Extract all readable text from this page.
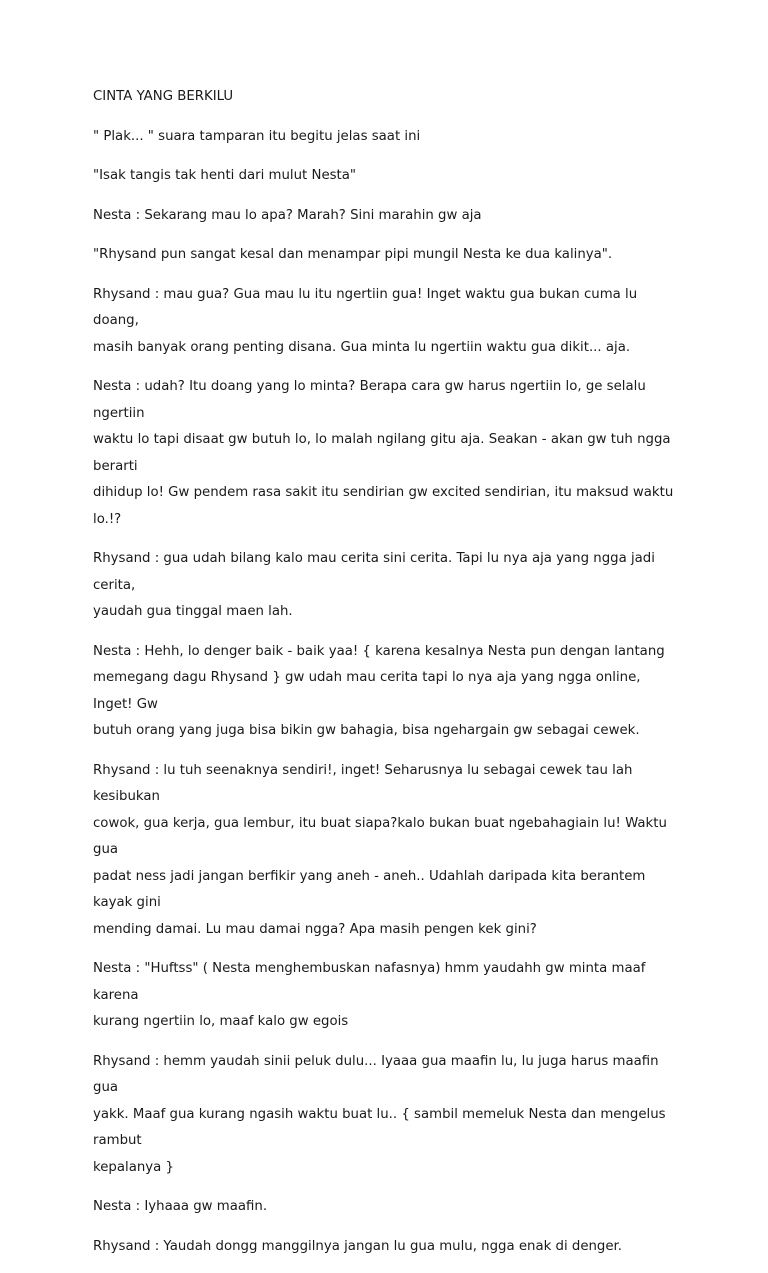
CINTA YANG BERKILU
" Plak... " suara tamparan itu begitu jelas saat ini
"Isak tangis tak henti dari mulut Nesta"
Nesta : Sekarang mau lo apa? Marah? Sini marahin gw aja
"Rhysand pun sangat kesal dan menampar pipi mungil Nesta ke dua kalinya".
Rhysand : mau gua? Gua mau lu itu ngertiin gua! Inget waktu gua bukan cuma lu doang,
masih banyak orang penting disana. Gua minta lu ngertiin waktu gua dikit... aja.
Nesta : udah? Itu doang yang lo minta? Berapa cara gw harus ngertiin lo, ge selalu ngertiin
waktu lo tapi disaat gw butuh lo, lo malah ngilang gitu aja. Seakan - akan gw tuh ngga berarti
dihidup lo! Gw pendem rasa sakit itu sendirian gw excited sendirian, itu maksud waktu lo.!?
Rhysand : gua udah bilang kalo mau cerita sini cerita. Tapi lu nya aja yang ngga jadi cerita,
yaudah gua tinggal maen lah.
Nesta : Hehh, lo denger baik - baik yaa! { karena kesalnya Nesta pun dengan lantang
memegang dagu Rhysand } gw udah mau cerita tapi lo nya aja yang ngga online, Inget! Gw
butuh orang yang juga bisa bikin gw bahagia, bisa ngehargain gw sebagai cewek.
Rhysand : lu tuh seenaknya sendiri!, inget! Seharusnya lu sebagai cewek tau lah kesibukan
cowok, gua kerja, gua lembur, itu buat siapa?kalo bukan buat ngebahagiain lu! Waktu gua
padat ness jadi jangan berfikir yang aneh - aneh.. Udahlah daripada kita berantem kayak gini
mending damai. Lu mau damai ngga? Apa masih pengen kek gini?
Nesta : "Huftss" ( Nesta menghembuskan nafasnya) hmm yaudahh gw minta maaf karena
kurang ngertiin lo, maaf kalo gw egois
Rhysand : hemm yaudah sinii peluk dulu... Iyaaa gua maafin lu, lu juga harus maafin gua
yakk. Maaf gua kurang ngasih waktu buat lu.. { sambil memeluk Nesta dan mengelus rambut
kepalanya }
Nesta : Iyhaaa gw maafin.
Rhysand : Yaudah dongg manggilnya jangan lu gua mulu, ngga enak di denger.
